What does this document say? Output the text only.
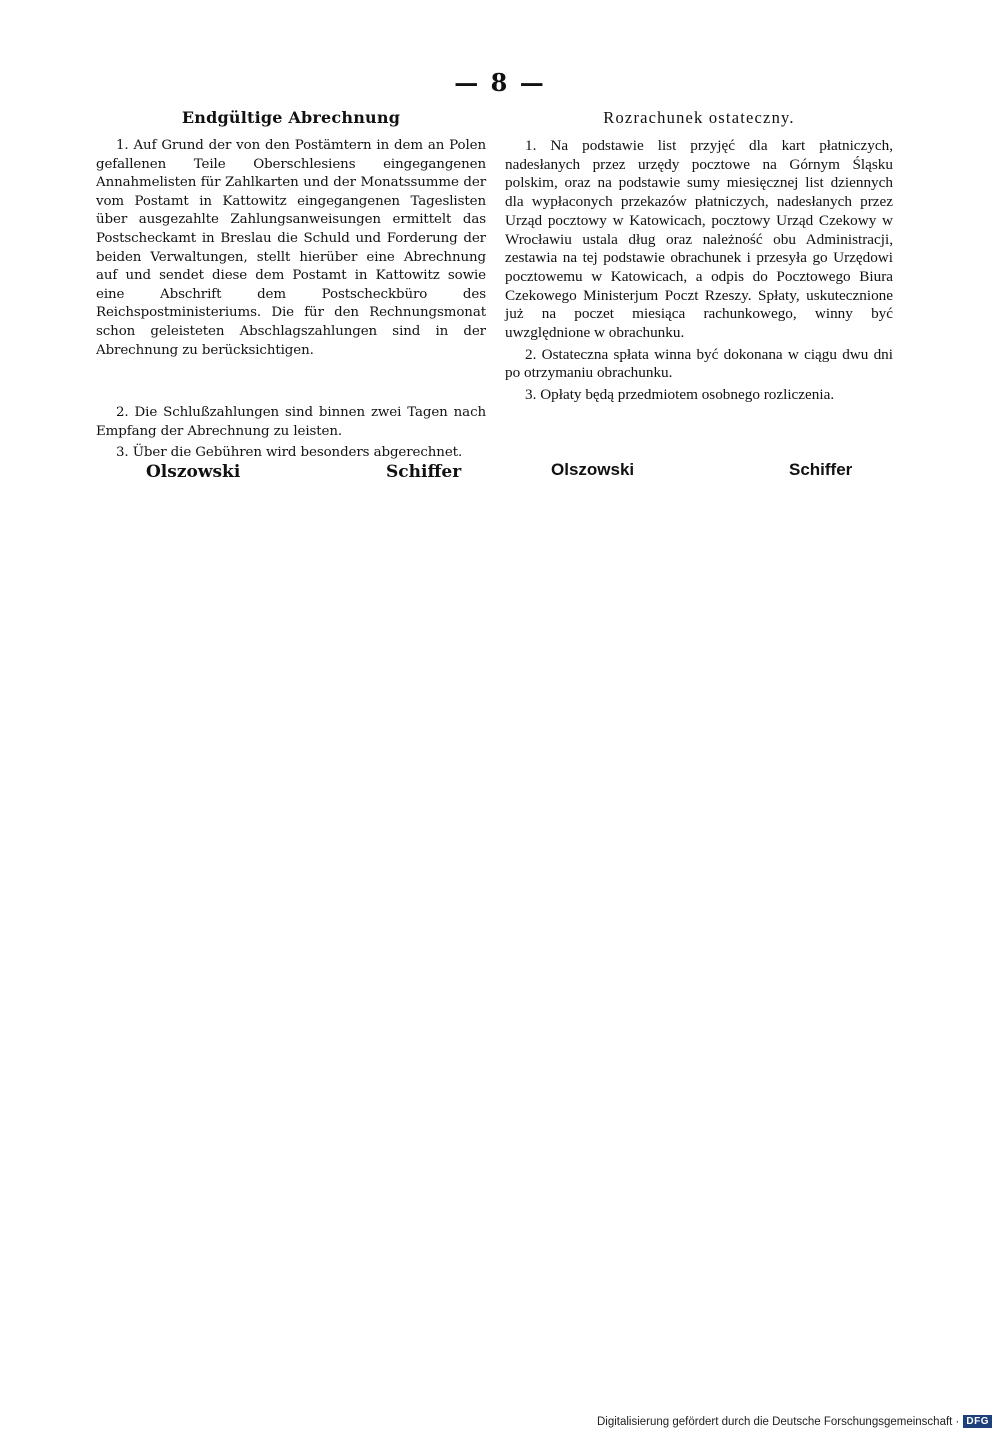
— 8 —
Endgültige Abrechnung

1. Auf Grund der von den Postämtern in dem an Polen gefallenen Teile Oberschlesiens eingegangenen Annahmelisten für Zahlkarten und der Monatssumme der vom Postamt in Kattowitz eingegangenen Tageslisten über ausgezahlte Zahlungsanweisungen ermittelt das Postscheckamt in Breslau die Schuld und Forderung der beiden Verwaltungen, stellt hierüber eine Abrechnung auf und sendet diese dem Postamt in Kattowitz sowie eine Abschrift dem Postscheckbüro des Reichspostministeriums. Die für den Rechnungsmonat schon geleisteten Abschlagszahlungen sind in der Abrechnung zu berücksichtigen.

2. Die Schlußzahlungen sind binnen zwei Tagen nach Empfang der Abrechnung zu leisten.

3. Über die Gebühren wird besonders abgerechnet.

Rozrachunek ostateczny.

1. Na podstawie list przyjęć dla kart płatniczych, nadesłanych przez urzędy pocztowe na Górnym Śląsku polskim, oraz na podstawie sumy miesięcznej list dziennych dla wypłaconych przekazów płatniczych, nadesłanych przez Urząd pocztowy w Katowicach, pocztowy Urząd Czekowy w Wrocławiu ustala dług oraz należność obu Administracji, zestawia na tej podstawie obrachunek i przesyła go Urzędowi pocztowemu w Katowicach, a odpis do Pocztowego Biura Czekowego Ministerjum Poczt Rzeszy. Spłaty, uskutecznione już na poczet miesiąca rachunkowego, winny być uwzględnione w obrachunku.

2. Ostateczna spłata winna być dokonana w ciągu dwu dni po otrzymaniu obrachunku.

3. Opłaty będą przedmiotem osobnego rozliczenia.

Olszowski	Schiffer	Olszowski	Schiffer
Digitalisierung gefördert durch die Deutsche Forschungsgemeinschaft · DFG
